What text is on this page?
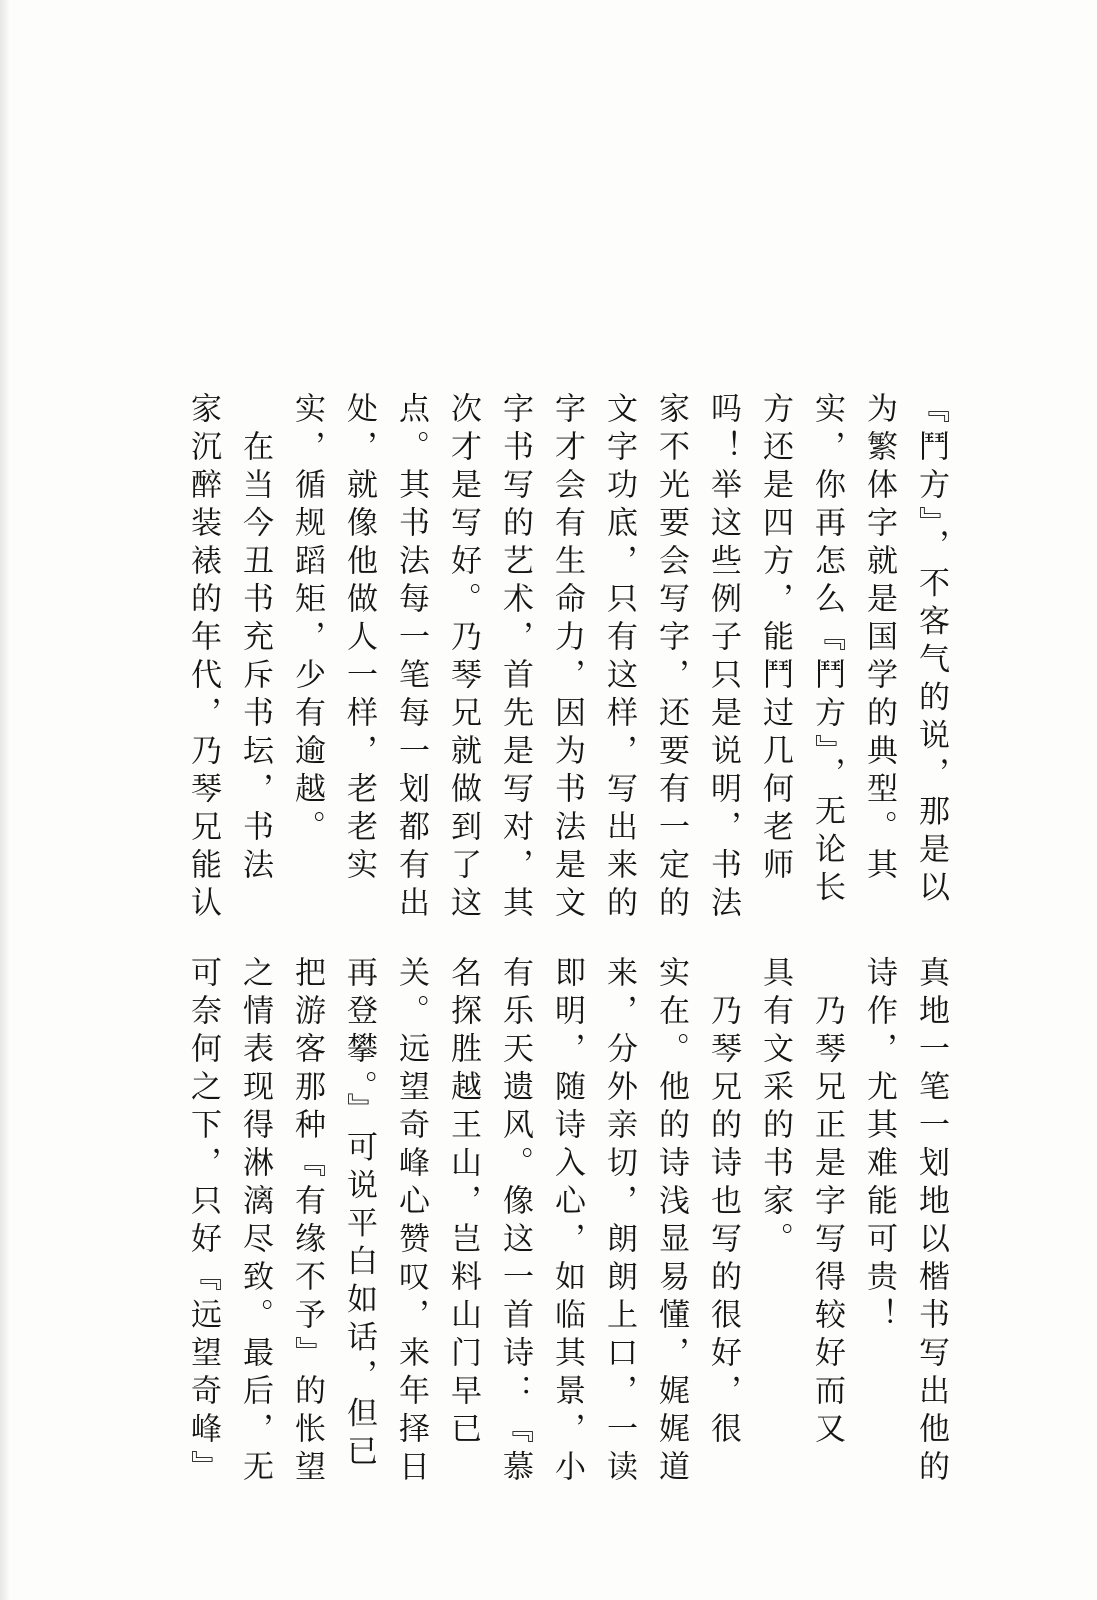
『鬥方』，不客气的说，那是以
为繁体字就是国学的典型。其
实，你再怎么『鬥方』，无论长
方还是四方，能鬥过几何老师
吗！举这些例子只是说明，书法
家不光要会写字，还要有一定的
文字功底，只有这样，写出来的
字才会有生命力，因为书法是文
字书写的艺术，首先是写对，其
次才是写好。乃琴兄就做到了这
点。其书法每一笔每一划都有出
处，就像他做人一样，老老实
实，循规蹈矩，少有逾越。
　在当今丑书充斥书坛，书法
家沉醉装裱的年代，乃琴兄能认
真地一笔一划地以楷书写出他的
诗作，尤其难能可贵！
　乃琴兄正是字写得较好而又
具有文采的书家。
　乃琴兄的诗也写的很好，很
实在。他的诗浅显易懂，娓娓道
来，分外亲切，朗朗上口，一读
即明，随诗入心，如临其景，小
有乐天遗风。像这一首诗：『慕
名探胜越王山，岂料山门早已
关。远望奇峰心赞叹，来年择日
再登攀。』可说平白如话，但已
把游客那种『有缘不予』的怅望
之情表现得淋漓尽致。最后，无
可奈何之下，只好『远望奇峰』
